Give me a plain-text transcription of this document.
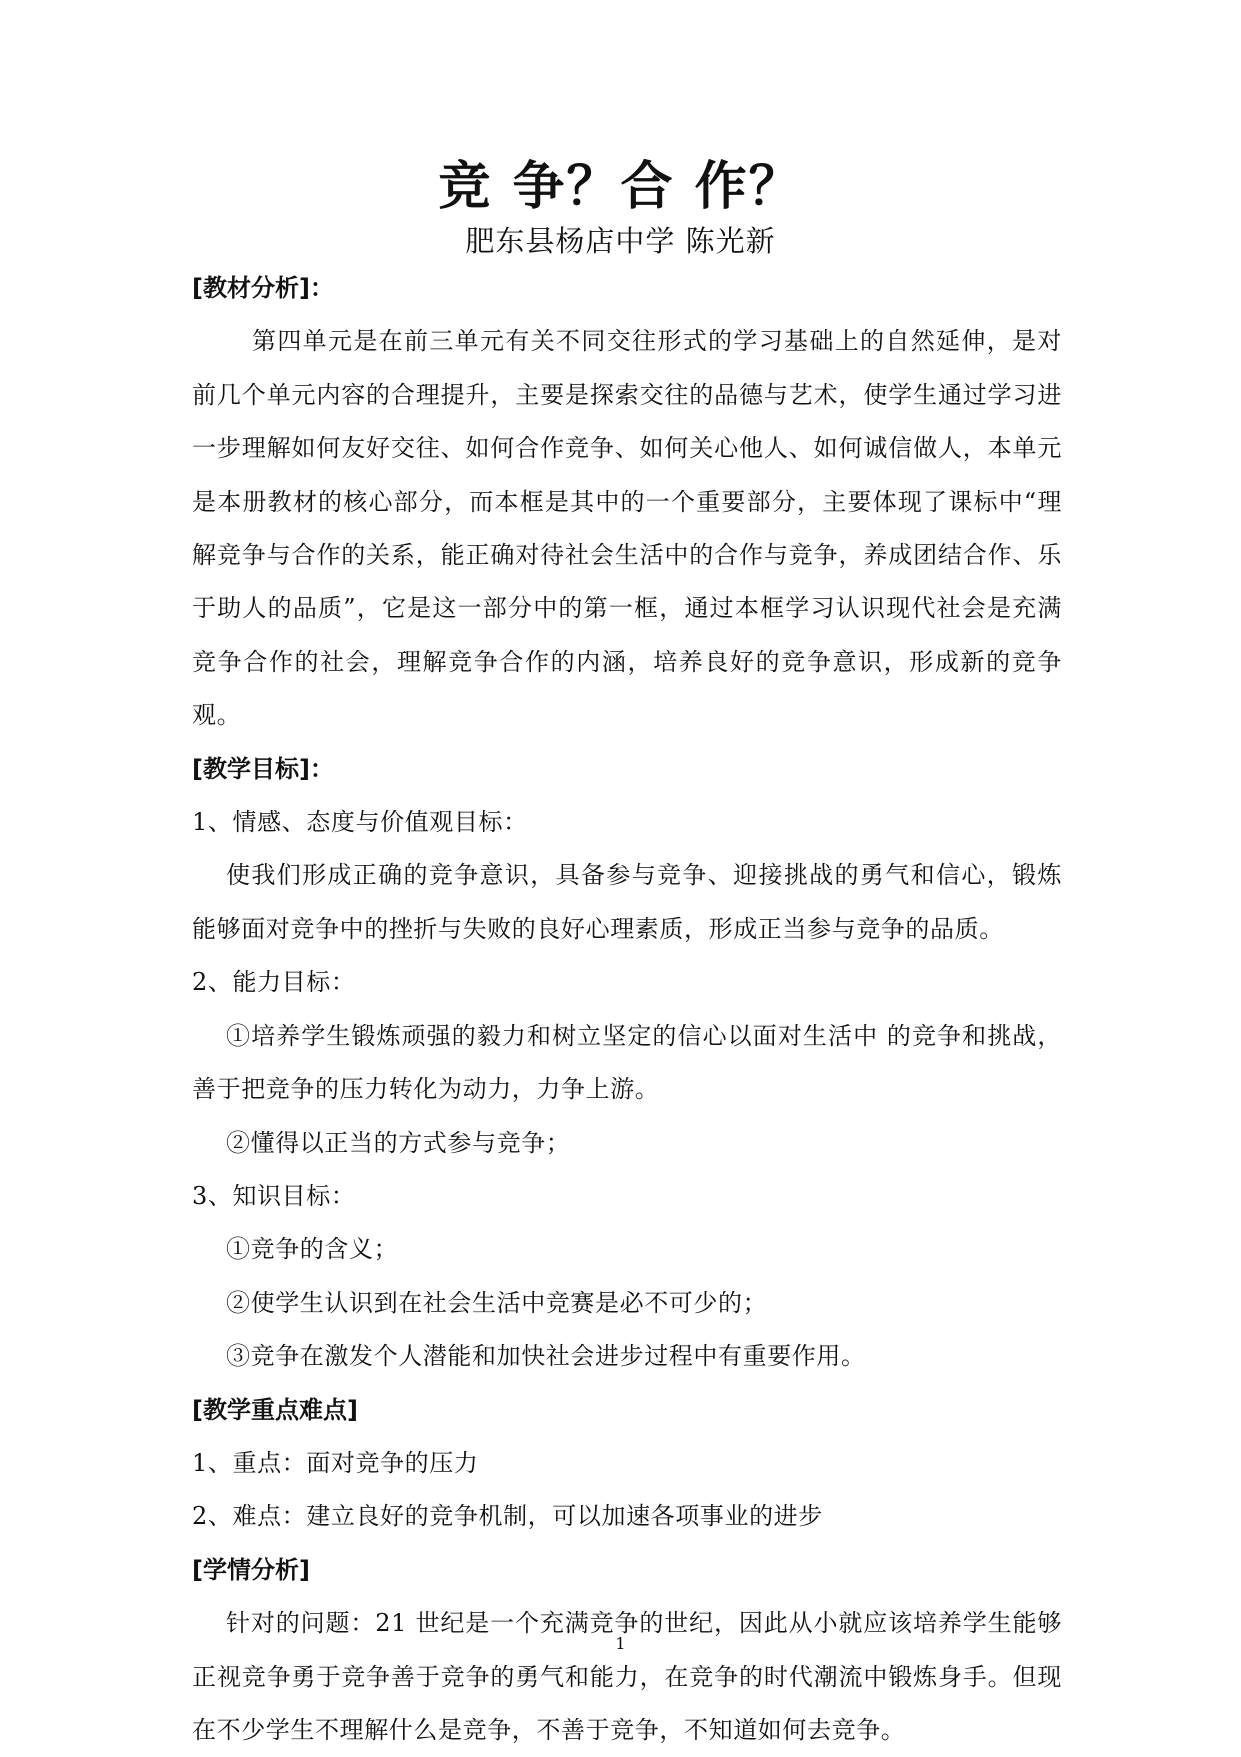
竞 争？合 作？
肥东县杨店中学 陈光新

[教材分析]：

第四单元是在前三单元有关不同交往形式的学习基础上的自然延伸，是对前几个单元内容的合理提升，主要是探索交往的品德与艺术，使学生通过学习进一步理解如何友好交往、如何合作竞争、如何关心他人、如何诚信做人，本单元是本册教材的核心部分，而本框是其中的一个重要部分，主要体现了课标中“理解竞争与合作的关系，能正确对待社会生活中的合作与竞争，养成团结合作、乐于助人的品质”，它是这一部分中的第一框，通过本框学习认识现代社会是充满竞争合作的社会，理解竞争合作的内涵，培养良好的竞争意识，形成新的竞争观。

[教学目标]：

1、情感、态度与价值观目标：

使我们形成正确的竞争意识，具备参与竞争、迎接挑战的勇气和信心，锻炼能够面对竞争中的挫折与失败的良好心理素质，形成正当参与竞争的品质。

2、能力目标：

①培养学生锻炼顽强的毅力和树立坚定的信心以面对生活中 的竞争和挑战，善于把竞争的压力转化为动力，力争上游。

②懂得以正当的方式参与竞争；

3、知识目标：

①竞争的含义；

②使学生认识到在社会生活中竞赛是必不可少的；

③竞争在激发个人潜能和加快社会进步过程中有重要作用。

[教学重点难点]

1、重点：面对竞争的压力

2、难点：建立良好的竞争机制，可以加速各项事业的进步

[学情分析]

针对的问题：21 世纪是一个充满竞争的世纪，因此从小就应该培养学生能够正视竞争勇于竞争善于竞争的勇气和能力，在竞争的时代潮流中锻炼身手。但现在不少学生不理解什么是竞争，不善于竞争，不知道如何去竞争。

1
